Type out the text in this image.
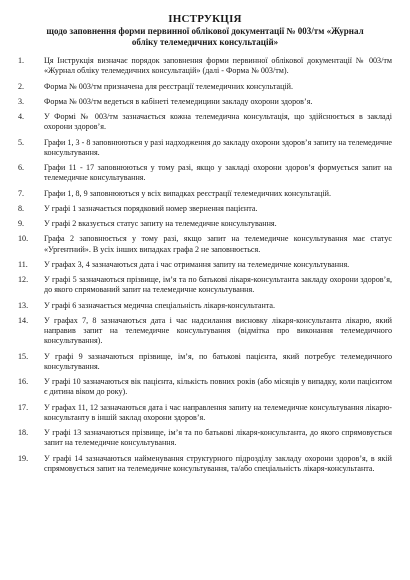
ІНСТРУКЦІЯ

щодо заповнення форми первинної облікової документації № 003/тм «Журнал обліку телемедичних консультацій»

1.	Ця Інструкція визначає порядок заповнення форми первинної облікової документації № 003/тм «Журнал обліку телемедичних консультацій» (далі - Форма № 003/тм).
2.	Форма № 003/тм призначена для реєстрації телемедичних консультацій.
3.	Форма № 003/тм ведеться в кабінеті телемедицини закладу охорони здоров’я.
4.	У Формі № 003/тм зазначається кожна телемедична консультація, що здійснюється в закладі охорони здоров’я.
5.	Графи 1, 3 - 8 заповнюються у разі надходження до закладу охорони здоров’я запиту на телемедичне консультування.
6.	Графи 11 - 17 заповнюються у тому разі, якщо у закладі охорони здоров’я формується запит на телемедичне консультування.
7.	Графи 1, 8, 9 заповнюються у всіх випадках реєстрації телемедичних консультацій.
8.	У графі 1 зазначається порядковий номер звернення пацієнта.
9.	У графі 2 вказується статус запиту на телемедичне консультування.
10.	Графа 2 заповнюється у тому разі, якщо запит на телемедичне консультування має статус «Ургентний». В усіх інших випадках графа 2 не заповнюється.
11.	У графах 3, 4 зазначаються дата і час отримання запиту на телемедичне консультування.
12.	У графі 5 зазначаються прізвище, ім’я та по батькові лікаря-консультанта закладу охорони здоров’я, до якого спрямований запит на телемедичне консультування.
13.	У графі 6 зазначається медична спеціальність лікаря-консультанта.
14.	У графах 7, 8 зазначаються дата і час надсилання висновку лікаря-консультанта лікарю, який направив запит на телемедичне консультування (відмітка про виконання телемедичного консультування).
15.	У графі 9 зазначаються прізвище, ім’я, по батькові пацієнта, який потребує телемедичного консультування.
16.	У графі 10 зазначаються вік пацієнта, кількість повних років (або місяців у випадку, коли пацієнтом є дитина віком до року).
17.	У графах 11, 12 зазначаються дата і час направлення запиту на телемедичне консультування лікарю-консультанту в іншій заклад охорони здоров’я.
18.	У графі 13 зазначаються прізвище, ім’я та по батькові лікаря-консультанта, до якого спрямовується запит на телемедичне консультування.
19.	У графі 14 зазначаються найменування структурного підрозділу закладу охорони здоров’я, в якій спрямовується запит на телемедичне консультування, та/або спеціальність лікаря-консультанта.
